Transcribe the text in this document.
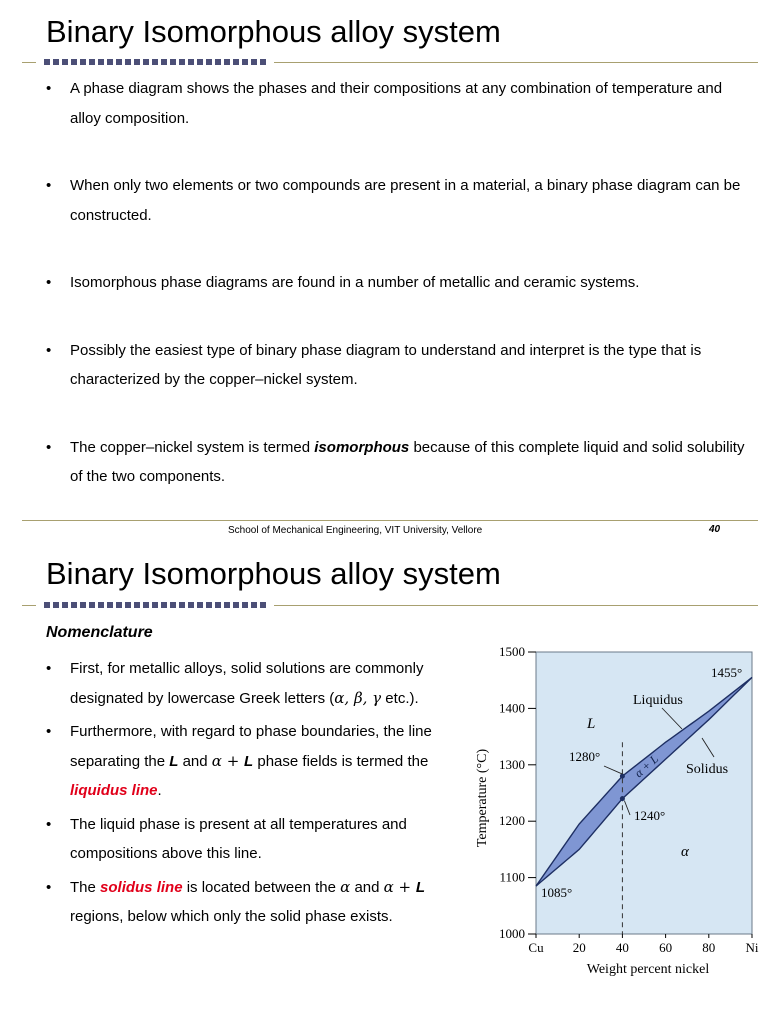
Binary Isomorphous alloy system
• A phase diagram shows the phases and their compositions at any combination of temperature and alloy composition.
• When only two elements or two compounds are present in a material, a binary phase diagram can be constructed.
• Isomorphous phase diagrams are found in a number of metallic and ceramic systems.
• Possibly the easiest type of binary phase diagram to understand and interpret is the type that is characterized by the copper–nickel system.
• The copper–nickel system is termed isomorphous because of this complete liquid and solid solubility of the two components.
School of Mechanical Engineering, VIT University, Vellore	40
Binary Isomorphous alloy system
Nomenclature
• First, for metallic alloys, solid solutions are commonly designated by lowercase Greek letters (α, β, γ etc.).
• Furthermore, with regard to phase boundaries, the line separating the L and α + L phase fields is termed the liquidus line.
• The liquid phase is present at all temperatures and compositions above this line.
• The solidus line is located between the α and α + L regions, below which only the solid phase exists.
1000
1100
1200
1300
1400
1500
Cu 20 40 60 80 Ni
Weight percent nickel
Temperature (°C)
1455°
Liquidus
Solidus
L
1280°
1240°
1085°
α
α + L
